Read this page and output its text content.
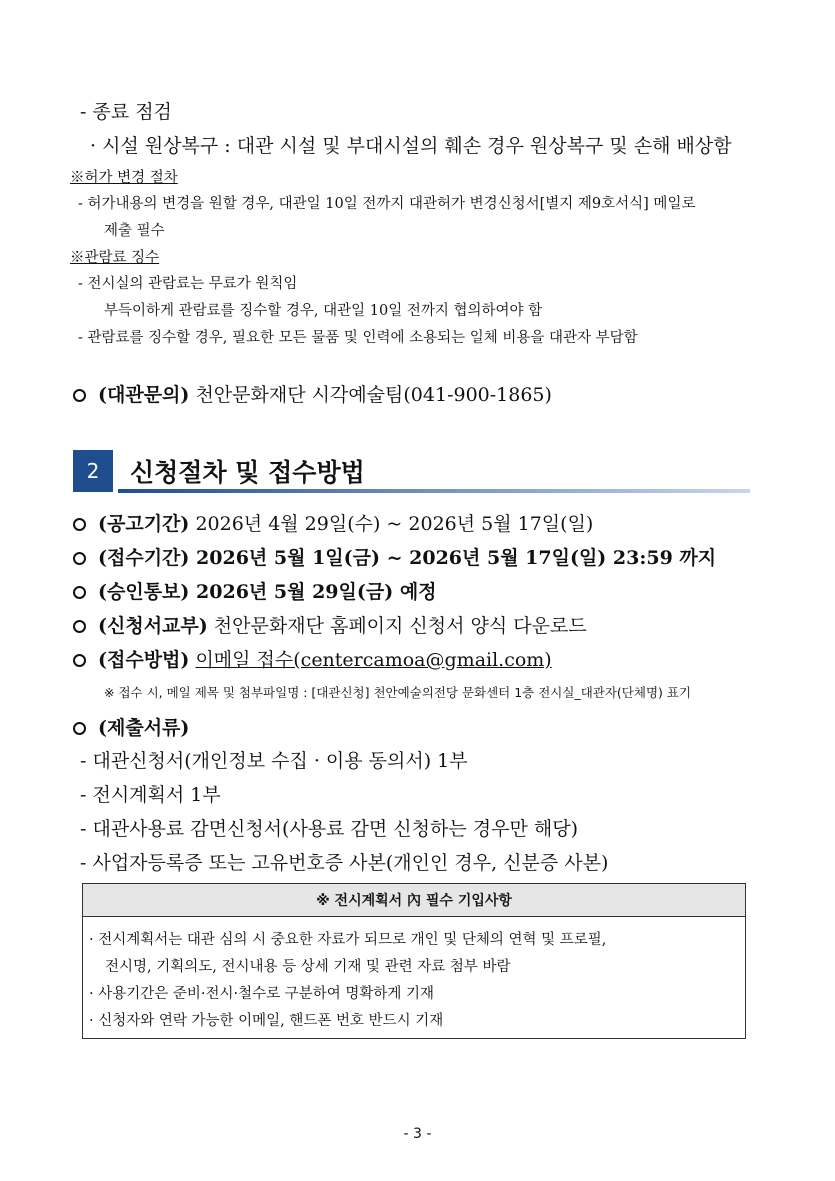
- 종료 점검
· 시설 원상복구 : 대관 시설 및 부대시설의 훼손 경우 원상복구 및 손해 배상함
※허가 변경 절차
- 허가내용의 변경을 원할 경우, 대관일 10일 전까지 대관허가 변경신청서[별지 제9호서식] 메일로
제출 필수
※관람료 징수
- 전시실의 관람료는 무료가 원칙임
부득이하게 관람료를 징수할 경우, 대관일 10일 전까지 협의하여야 함
- 관람료를 징수할 경우, 필요한 모든 물품 및 인력에 소용되는 일체 비용을 대관자 부담함
(대관문의) 천안문화재단 시각예술팀(041-900-1865)
2	신청절차 및 접수방법
(공고기간) 2026년 4월 29일(수) ~ 2026년 5월 17일(일)
(접수기간) 2026년 5월 1일(금) ~ 2026년 5월 17일(일) 23:59 까지
(승인통보) 2026년 5월 29일(금) 예정
(신청서교부) 천안문화재단 홈페이지 신청서 양식 다운로드
(접수방법) 이메일 접수(centercamoa@gmail.com)
※ 접수 시, 메일 제목 및 첨부파일명 : [대관신청] 천안예술의전당 문화센터 1층 전시실_대관자(단체명) 표기
(제출서류)
- 대관신청서(개인정보 수집 · 이용 동의서) 1부
- 전시계획서 1부
- 대관사용료 감면신청서(사용료 감면 신청하는 경우만 해당)
- 사업자등록증 또는 고유번호증 사본(개인인 경우, 신분증 사본)
※ 전시계획서 內 필수 기입사항
· 전시계획서는 대관 심의 시 중요한 자료가 되므로 개인 및 단체의 연혁 및 프로필,
전시명, 기획의도, 전시내용 등 상세 기재 및 관련 자료 첨부 바람
· 사용기간은 준비·전시·철수로 구분하여 명확하게 기재
· 신청자와 연락 가능한 이메일, 핸드폰 번호 반드시 기재
- 3 -
